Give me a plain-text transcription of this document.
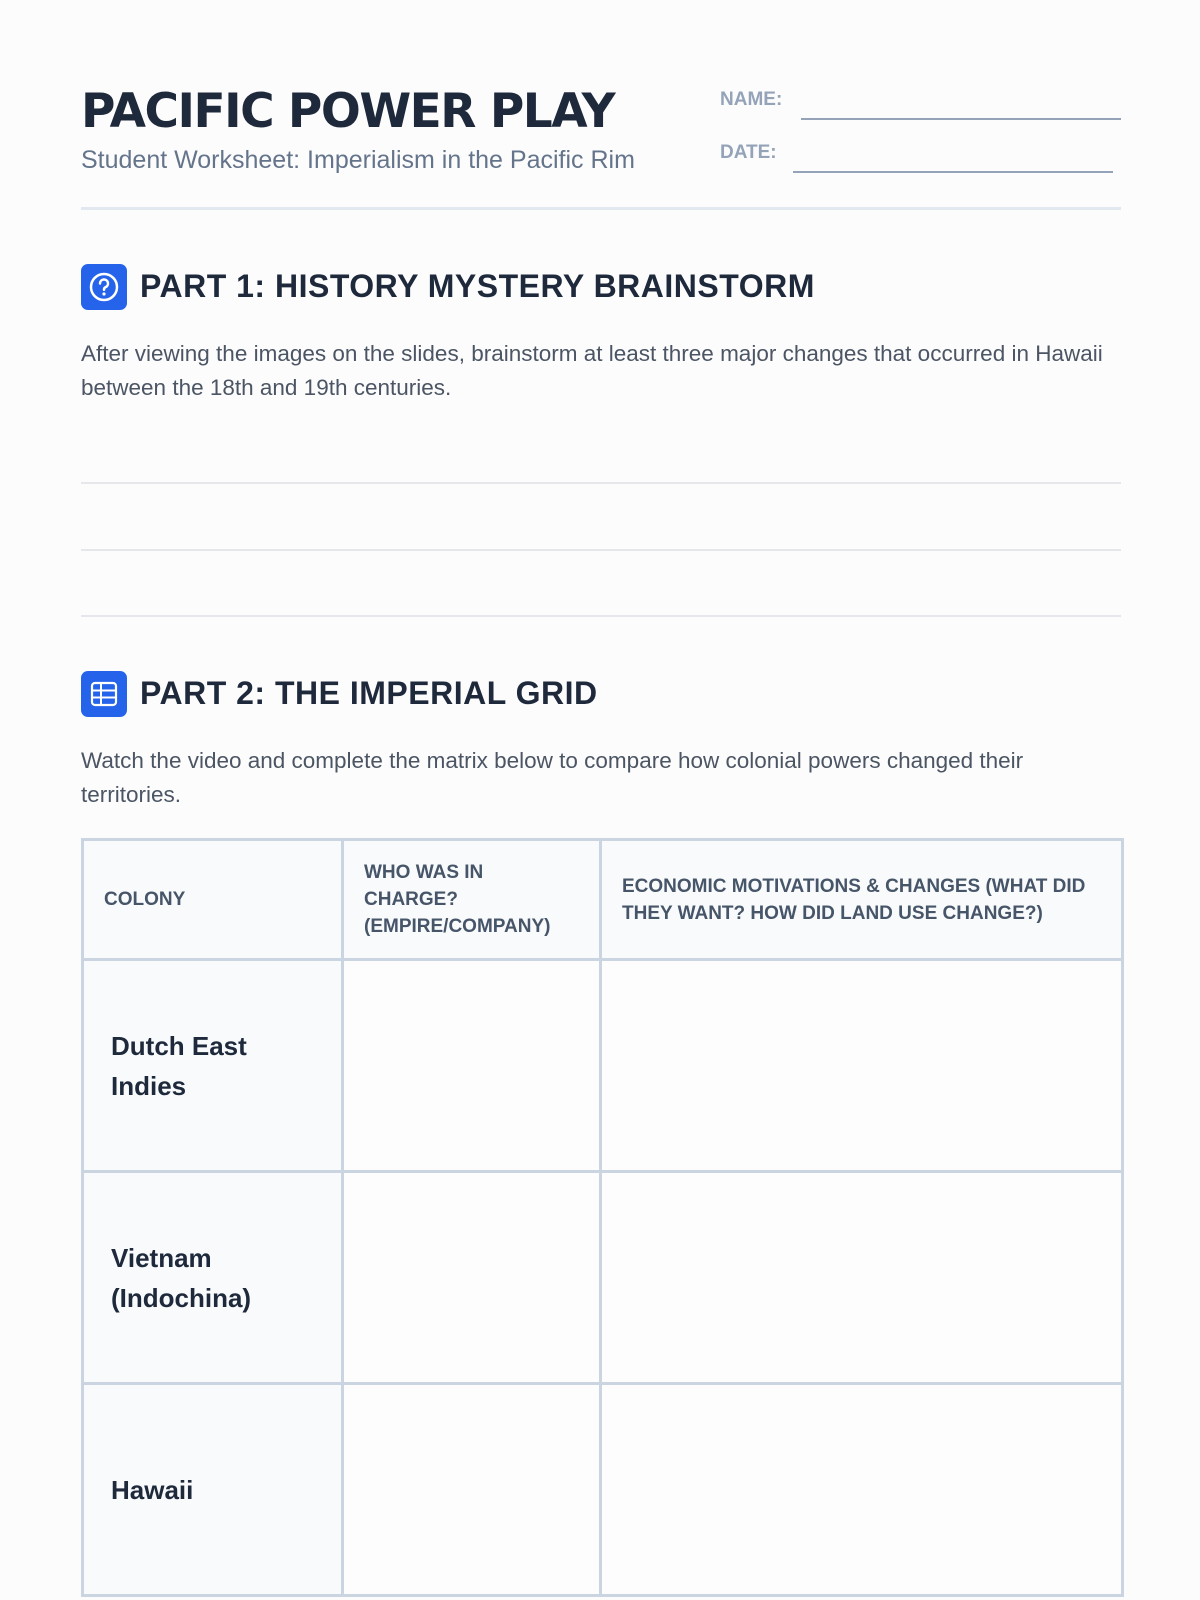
PACIFIC POWER PLAY
Student Worksheet: Imperialism in the Pacific Rim
NAME:
DATE:
PART 1: HISTORY MYSTERY BRAINSTORM
After viewing the images on the slides, brainstorm at least three major changes that occurred in Hawaii between the 18th and 19th centuries.
PART 2: THE IMPERIAL GRID
Watch the video and complete the matrix below to compare how colonial powers changed their territories.
COLONY	WHO WAS IN CHARGE? (EMPIRE/COMPANY)	ECONOMIC MOTIVATIONS & CHANGES (WHAT DID THEY WANT? HOW DID LAND USE CHANGE?)
Dutch East Indies		
Vietnam (Indochina)		
Hawaii		
